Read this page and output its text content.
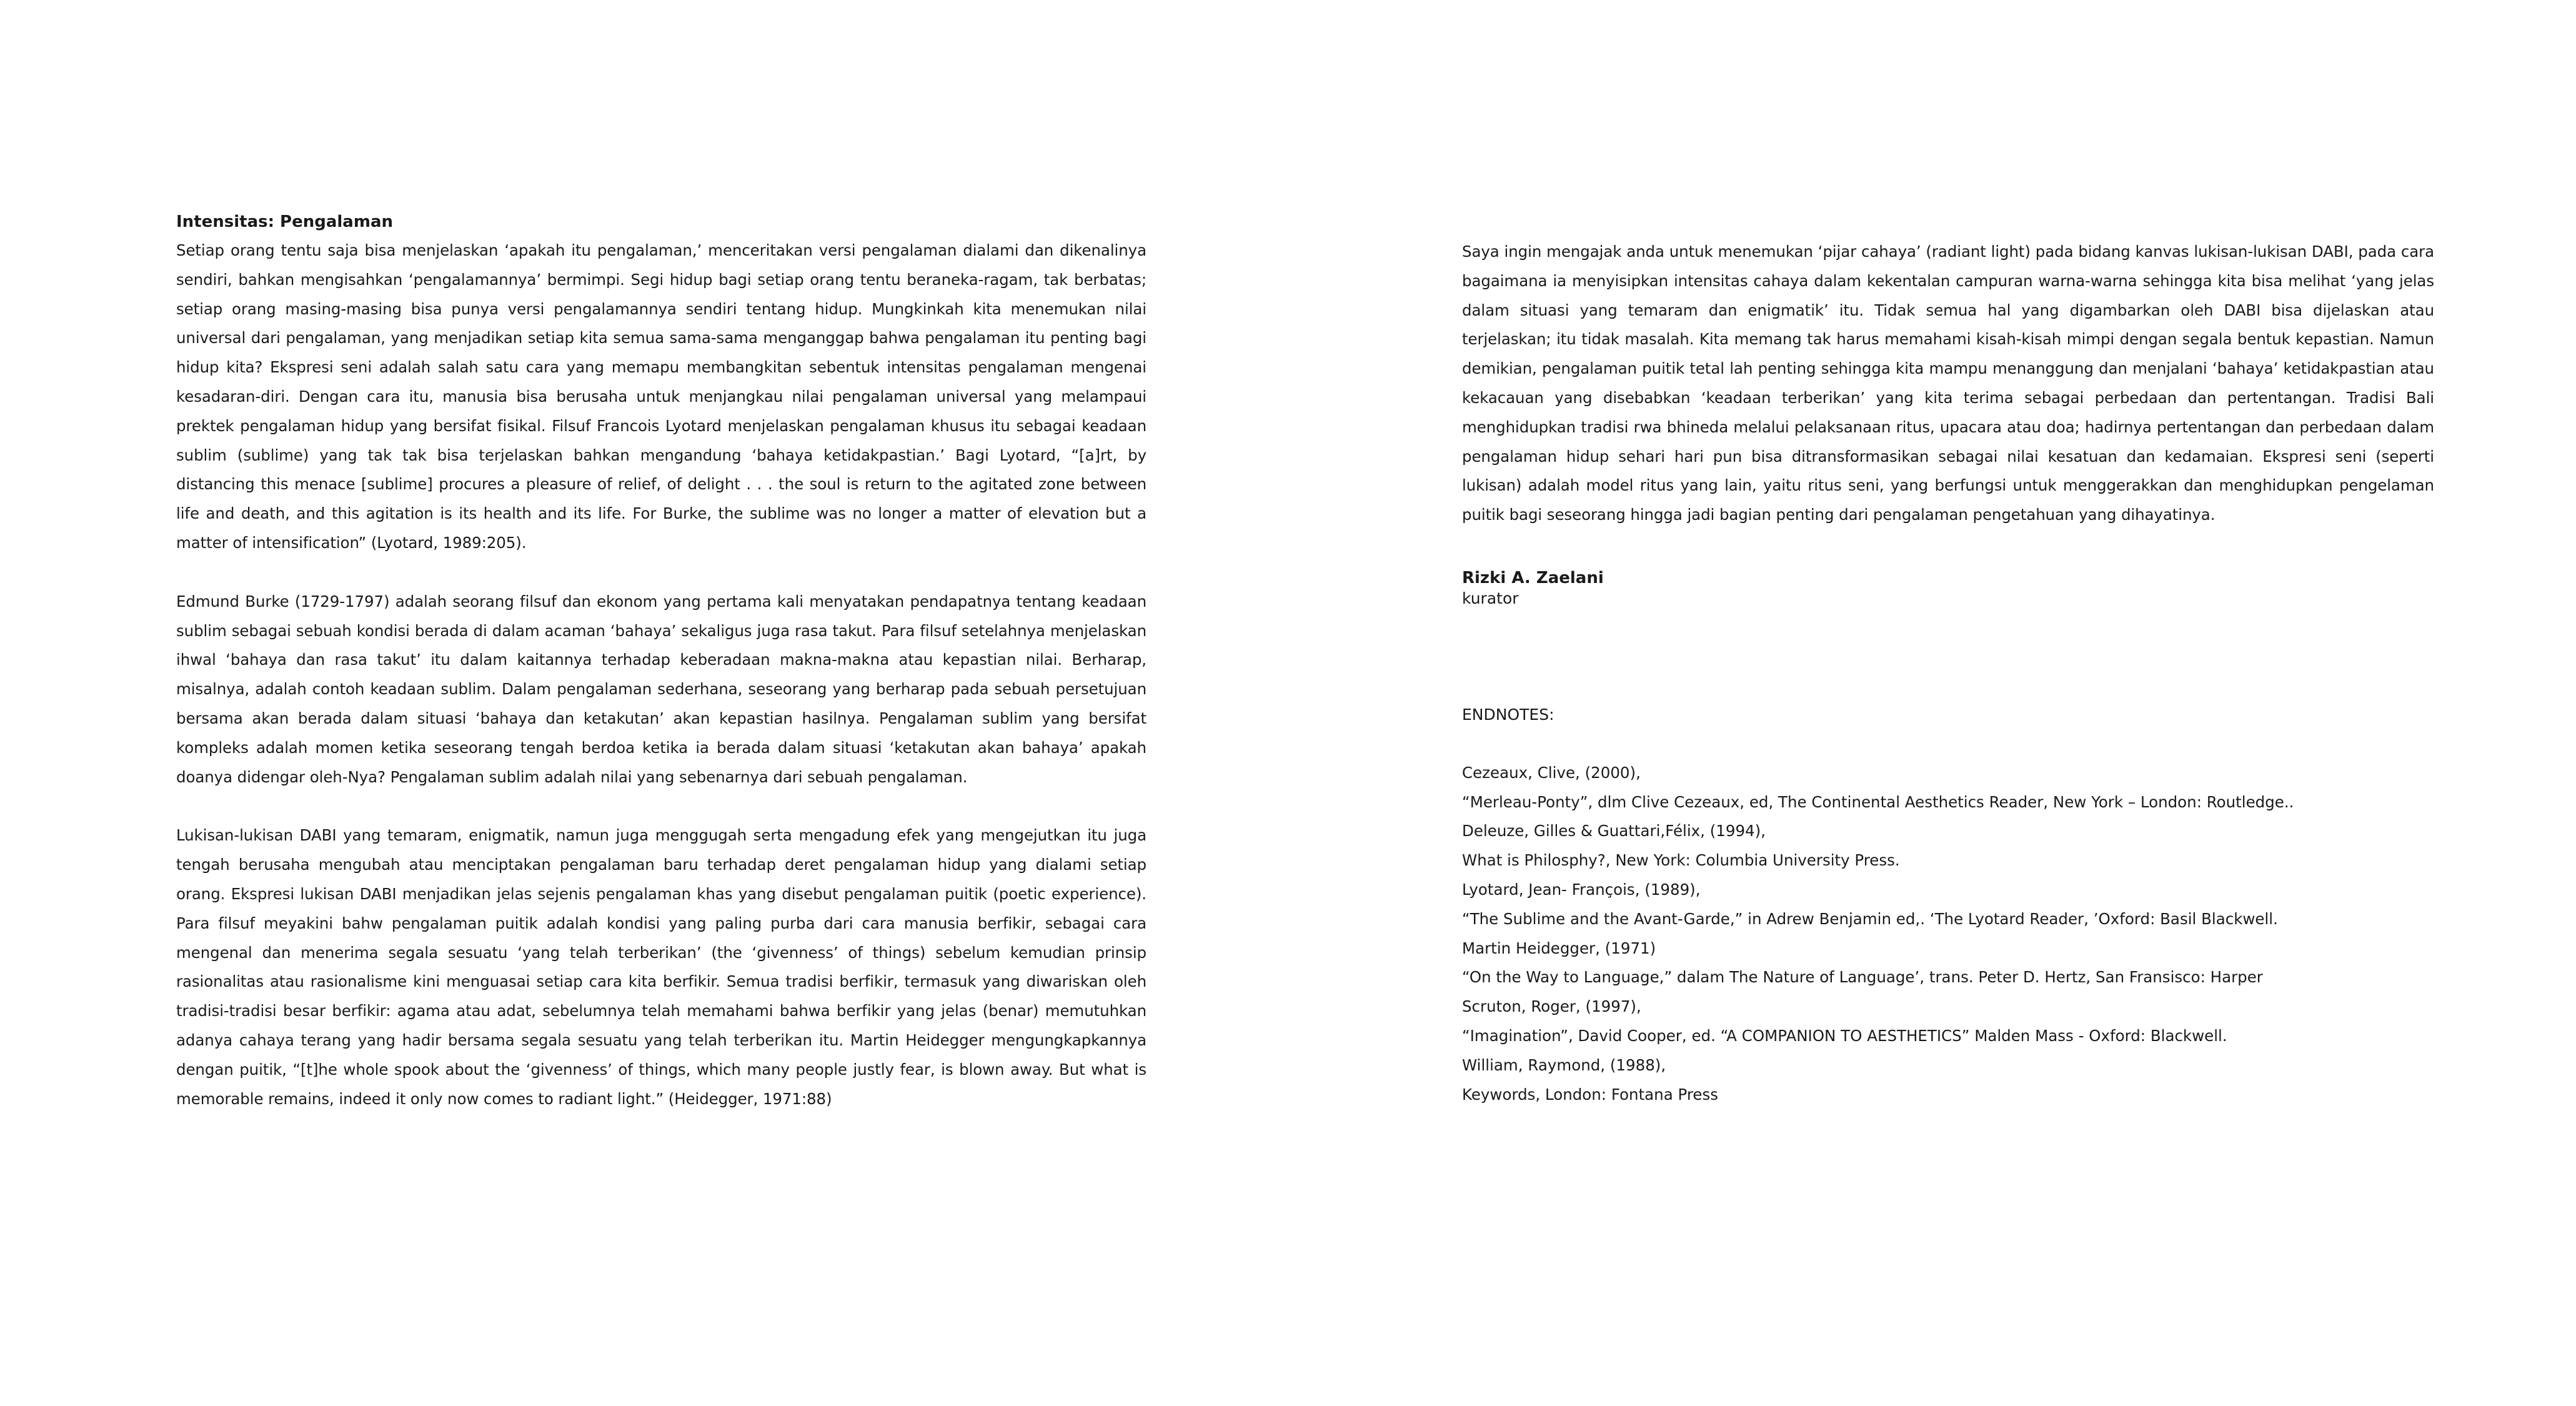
Intensitas: Pengalaman

Setiap orang tentu saja bisa menjelaskan ‘apakah itu pengalaman,’ menceritakan versi pengalaman dialami dan dikenalinya sendiri, bahkan mengisahkan ‘pengalamannya’ bermimpi. Segi hidup bagi setiap orang tentu beraneka-ragam, tak berbatas; setiap orang masing-masing bisa punya versi pengalamannya sendiri tentang hidup. Mungkinkah kita menemukan nilai universal dari pengalaman, yang menjadikan setiap kita semua sama-sama menganggap bahwa pengalaman itu penting bagi hidup kita? Ekspresi seni adalah salah satu cara yang memapu membangkitan sebentuk intensitas pengalaman mengenai kesadaran-diri. Dengan cara itu, manusia bisa berusaha untuk menjangkau nilai pengalaman universal yang melampaui prektek pengalaman hidup yang bersifat fisikal. Filsuf Francois Lyotard menjelaskan pengalaman khusus itu sebagai keadaan sublim (sublime) yang tak tak bisa terjelaskan bahkan mengandung ‘bahaya ketidakpastian.’ Bagi Lyotard, “[a]rt, by distancing this menace [sublime] procures a pleasure of relief, of delight . . . the soul is return to the agitated zone between life and death, and this agitation is its health and its life. For Burke, the sublime was no longer a matter of elevation but a matter of intensification” (Lyotard, 1989:205).

Edmund Burke (1729-1797) adalah seorang filsuf dan ekonom yang pertama kali menyatakan pendapatnya tentang keadaan sublim sebagai sebuah kondisi berada di dalam acaman ‘bahaya’ sekaligus juga rasa takut. Para filsuf setelahnya menjelaskan ihwal ‘bahaya dan rasa takut’ itu dalam kaitannya terhadap keberadaan makna-makna atau kepastian nilai. Berharap, misalnya, adalah contoh keadaan sublim. Dalam pengalaman sederhana, seseorang yang berharap pada sebuah persetujuan bersama akan berada dalam situasi ‘bahaya dan ketakutan’ akan kepastian hasilnya. Pengalaman sublim yang bersifat kompleks adalah momen ketika seseorang tengah berdoa ketika ia berada dalam situasi ‘ketakutan akan bahaya’ apakah doanya didengar oleh-Nya? Pengalaman sublim adalah nilai yang sebenarnya dari sebuah pengalaman.

Lukisan-lukisan DABI yang temaram, enigmatik, namun juga menggugah serta mengadung efek yang mengejutkan itu juga tengah berusaha mengubah atau menciptakan pengalaman baru terhadap deret pengalaman hidup yang dialami setiap orang. Ekspresi lukisan DABI menjadikan jelas sejenis pengalaman khas yang disebut pengalaman puitik (poetic experience). Para filsuf meyakini bahw pengalaman puitik adalah kondisi yang paling purba dari cara manusia berfikir, sebagai cara mengenal dan menerima segala sesuatu ‘yang telah terberikan’ (the ‘givenness’ of things) sebelum kemudian prinsip rasionalitas atau rasionalisme kini menguasai setiap cara kita berfikir. Semua tradisi berfikir, termasuk yang diwariskan oleh tradisi-tradisi besar berfikir: agama atau adat, sebelumnya telah memahami bahwa berfikir yang jelas (benar) memutuhkan adanya cahaya terang yang hadir bersama segala sesuatu yang telah terberikan itu. Martin Heidegger mengungkapkannya dengan puitik, “[t]he whole spook about the ‘givenness’ of things, which many people justly fear, is blown away. But what is memorable remains, indeed it only now comes to radiant light.” (Heidegger, 1971:88)

Saya ingin mengajak anda untuk menemukan ‘pijar cahaya’ (radiant light) pada bidang kanvas lukisan-lukisan DABI, pada cara bagaimana ia menyisipkan intensitas cahaya dalam kekentalan campuran warna-warna sehingga kita bisa melihat ‘yang jelas dalam situasi yang temaram dan enigmatik’ itu. Tidak semua hal yang digambarkan oleh DABI bisa dijelaskan atau terjelaskan; itu tidak masalah. Kita memang tak harus memahami kisah-kisah mimpi dengan segala bentuk kepastian. Namun demikian, pengalaman puitik tetal lah penting sehingga kita mampu menanggung dan menjalani ‘bahaya’ ketidakpastian atau kekacauan yang disebabkan ‘keadaan terberikan’ yang kita terima sebagai perbedaan dan pertentangan. Tradisi Bali menghidupkan tradisi rwa bhineda melalui pelaksanaan ritus, upacara atau doa; hadirnya pertentangan dan perbedaan dalam pengalaman hidup sehari hari pun bisa ditransformasikan sebagai nilai kesatuan dan kedamaian. Ekspresi seni (seperti lukisan) adalah model ritus yang lain, yaitu ritus seni, yang berfungsi untuk menggerakkan dan menghidupkan pengelaman puitik bagi seseorang hingga jadi bagian penting dari pengalaman pengetahuan yang dihayatinya.

Rizki A. Zaelani

kurator

ENDNOTES:

Cezeaux, Clive, (2000),

“Merleau-Ponty”, dlm Clive Cezeaux, ed, The Continental Aesthetics Reader, New York – London: Routledge..

Deleuze, Gilles & Guattari,Félix, (1994),

What is Philosphy?, New York: Columbia University Press.

Lyotard, Jean- François, (1989),

“The Sublime and the Avant-Garde,” in Adrew Benjamin ed,. ‘The Lyotard Reader, ’Oxford: Basil Blackwell.

Martin Heidegger, (1971)

“On the Way to Language,” dalam The Nature of Language’, trans. Peter D. Hertz, San Fransisco: Harper

Scruton, Roger, (1997),

“Imagination”, David Cooper, ed. “A COMPANION TO AESTHETICS” Malden Mass - Oxford: Blackwell.

William, Raymond, (1988),

Keywords, London: Fontana Press
